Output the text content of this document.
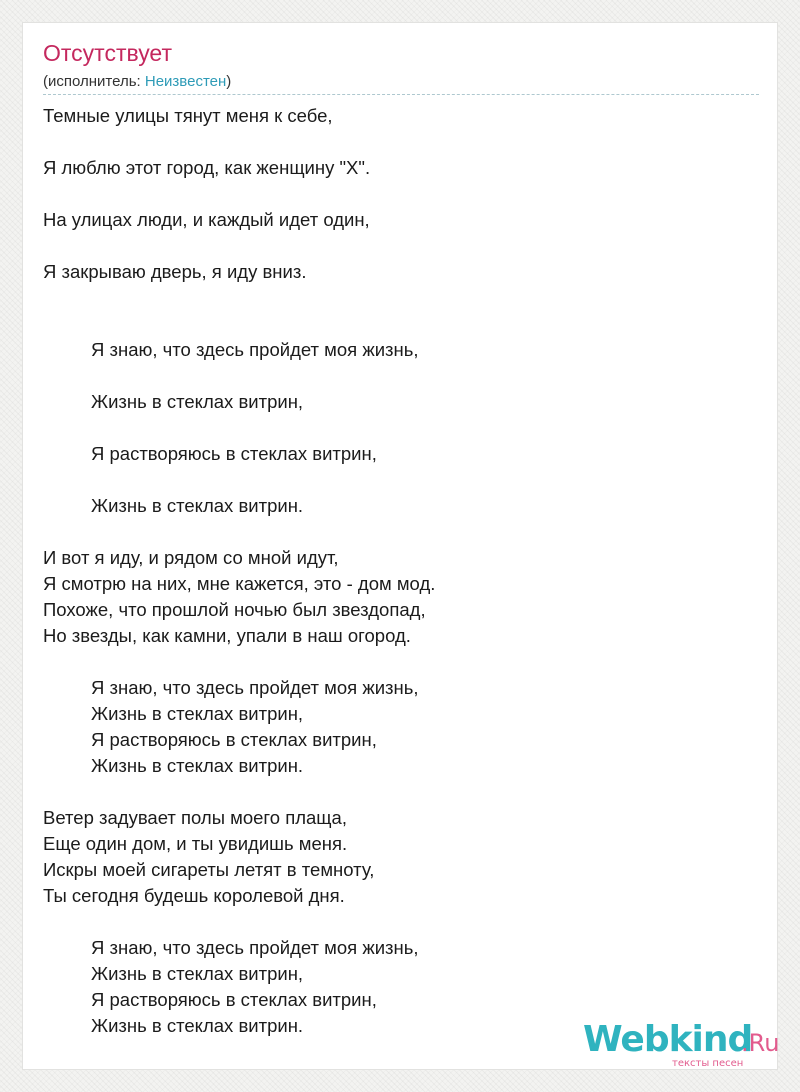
Отсутствует
(исполнитель: Неизвестен)
Темные улицы тянут меня к себе,
Я люблю этот город, как женщину "Х".
На улицах люди, и каждый идет один,
Я закрываю дверь, я иду вниз.
Я знаю, что здесь пройдет моя жизнь,
Жизнь в стеклах витрин,
Я растворяюсь в стеклах витрин,
Жизнь в стеклах витрин.
И вот я иду, и рядом со мной идут,
Я смотрю на них, мне кажется, это - дом мод.
Похоже, что прошлой ночью был звездопад,
Но звезды, как камни, упали в наш огород.
Я знаю, что здесь пройдет моя жизнь,
Жизнь в стеклах витрин,
Я растворяюсь в стеклах витрин,
Жизнь в стеклах витрин.
Ветер задувает полы моего плаща,
Еще один дом, и ты увидишь меня.
Искры моей сигареты летят в темноту,
Ты сегодня будешь королевой дня.
Я знаю, что здесь пройдет моя жизнь,
Жизнь в стеклах витрин,
Я растворяюсь в стеклах витрин,
Жизнь в стеклах витрин.	Webkind
.Ru
тексты песен
